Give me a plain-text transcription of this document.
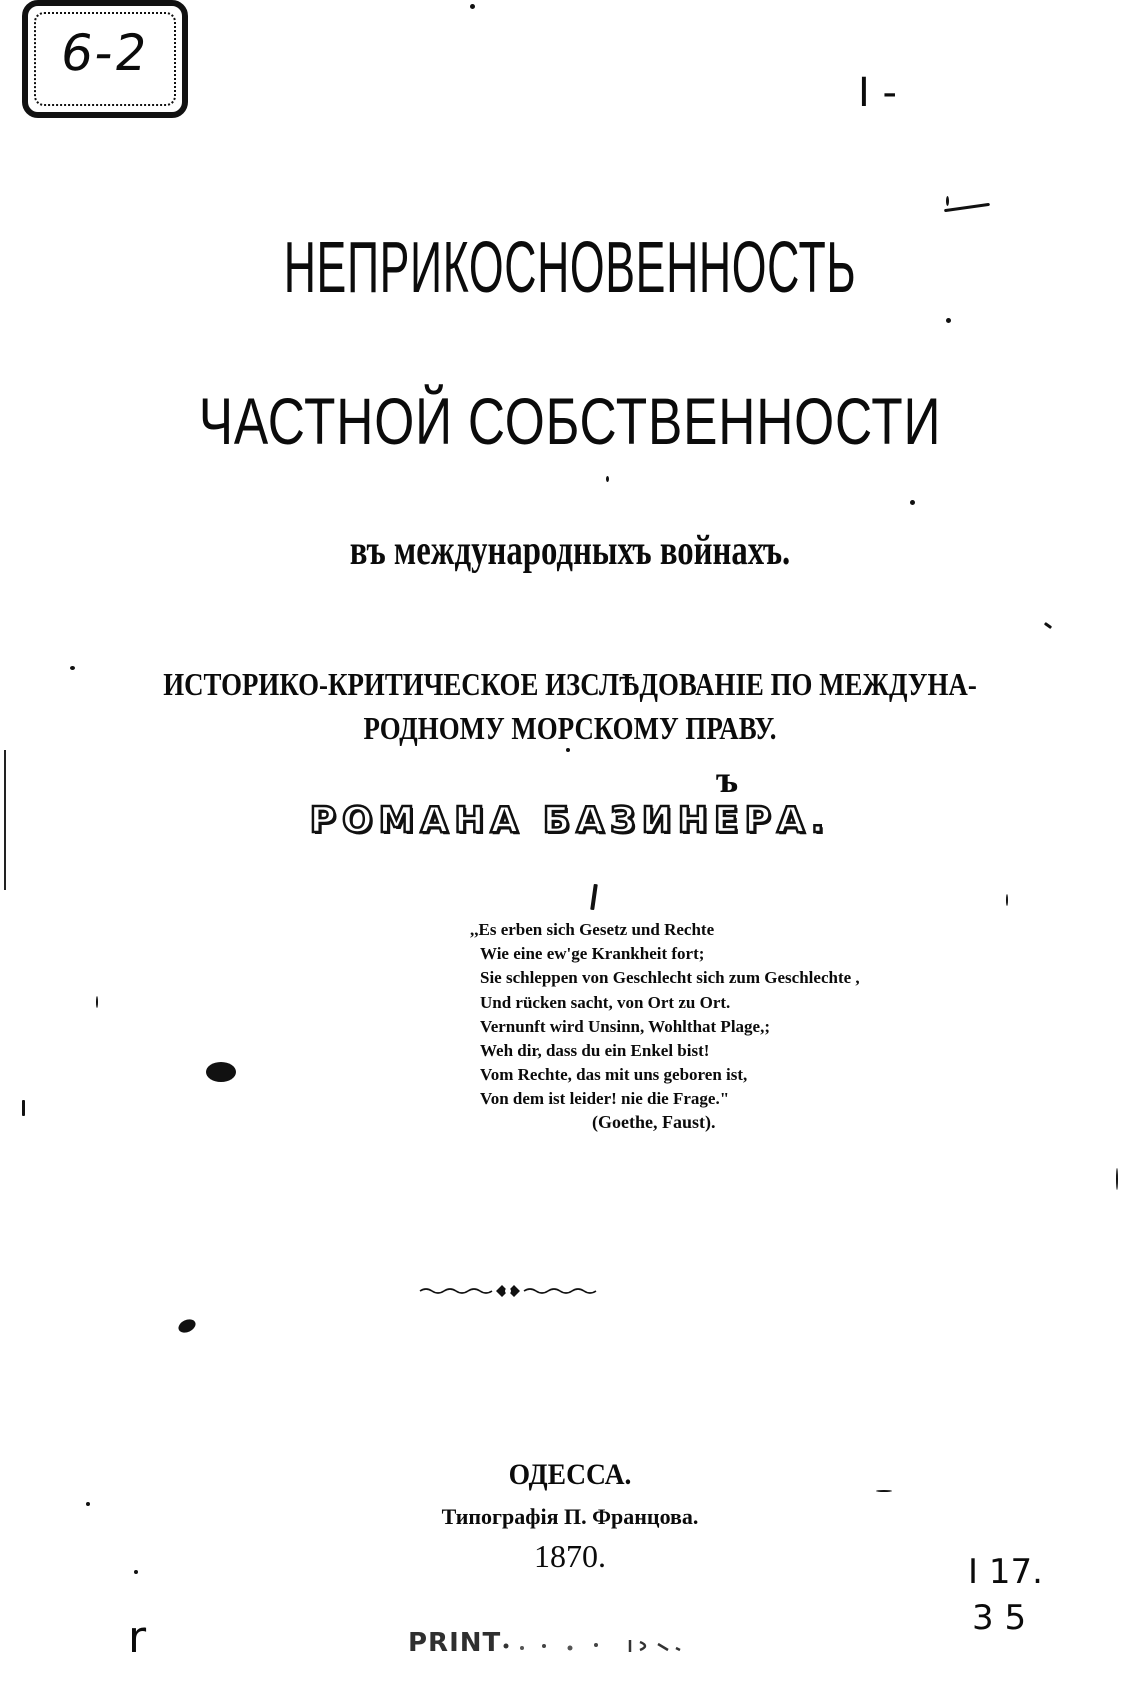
6-2
I -
I 17.
3 5
r
НЕПРИКОСНОВЕННОСТЬ
ЧАСТНОЙ СОБСТВЕННОСТИ
въ международныхъ войнахъ.
ИСТОРИКО-КРИТИЧЕСКОЕ ИЗСЛѢДОВАНІЕ ПО МЕЖДУНА-
РОДНОМУ МОРСКОМУ ПРАВУ.
РОМАНА БАЗИНЕРА.
ъ
,,Es erben sich Gesetz und Rechte
Wie eine ew'ge Krankheit fort;
Sie schleppen von Geschlecht sich zum Geschlechte ,
Und rücken sacht, von Ort zu Ort.
Vernunft wird Unsinn, Wohlthat Plage,;
Weh dir, dass du ein Enkel bist!
Vom Rechte, das mit uns geboren ist,
Von dem ist leider! nie die Frage."
(Goethe, Faust).
ОДЕССА.
Типографія П. Францова.
1870.
PRINT
